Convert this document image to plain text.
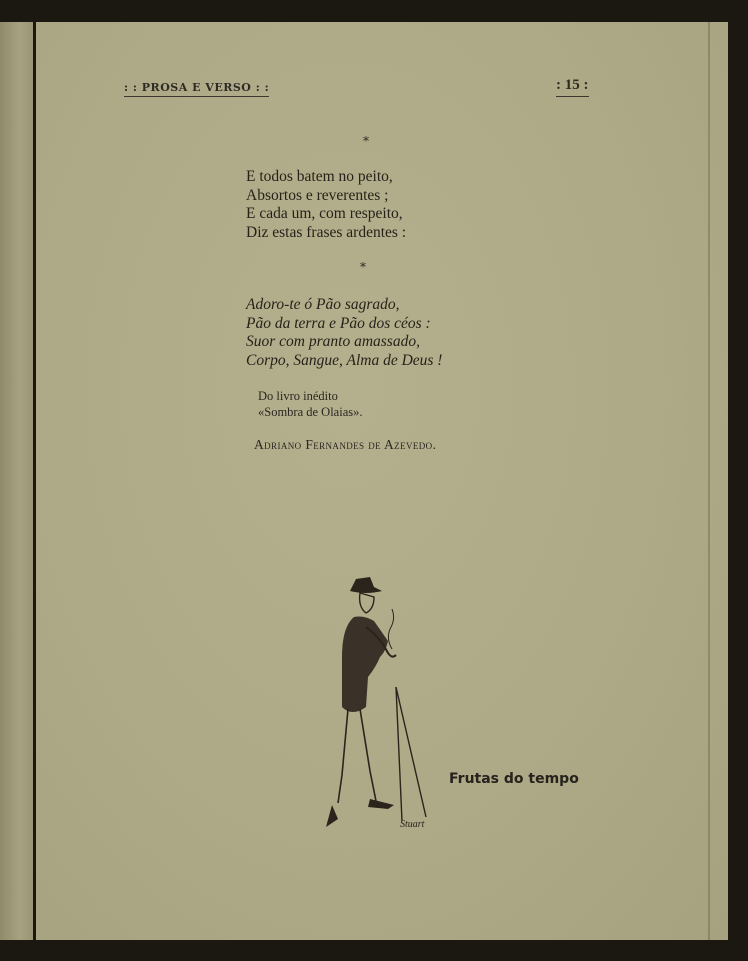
: : PROSA E VERSO : :	: 15 :
*
E todos batem no peito,
Absortos e reverentes ;
E cada um, com respeito,
Diz estas frases ardentes :
*
Adoro-te ó Pão sagrado,
Pão da terra e Pão dos céos :
Suor com pranto amassado,
Corpo, Sangue, Alma de Deus !
Do livro inédito
«Sombra de Olaias».
Adriano Fernandes de Azevedo.
Stuart
Frutas do tempo
